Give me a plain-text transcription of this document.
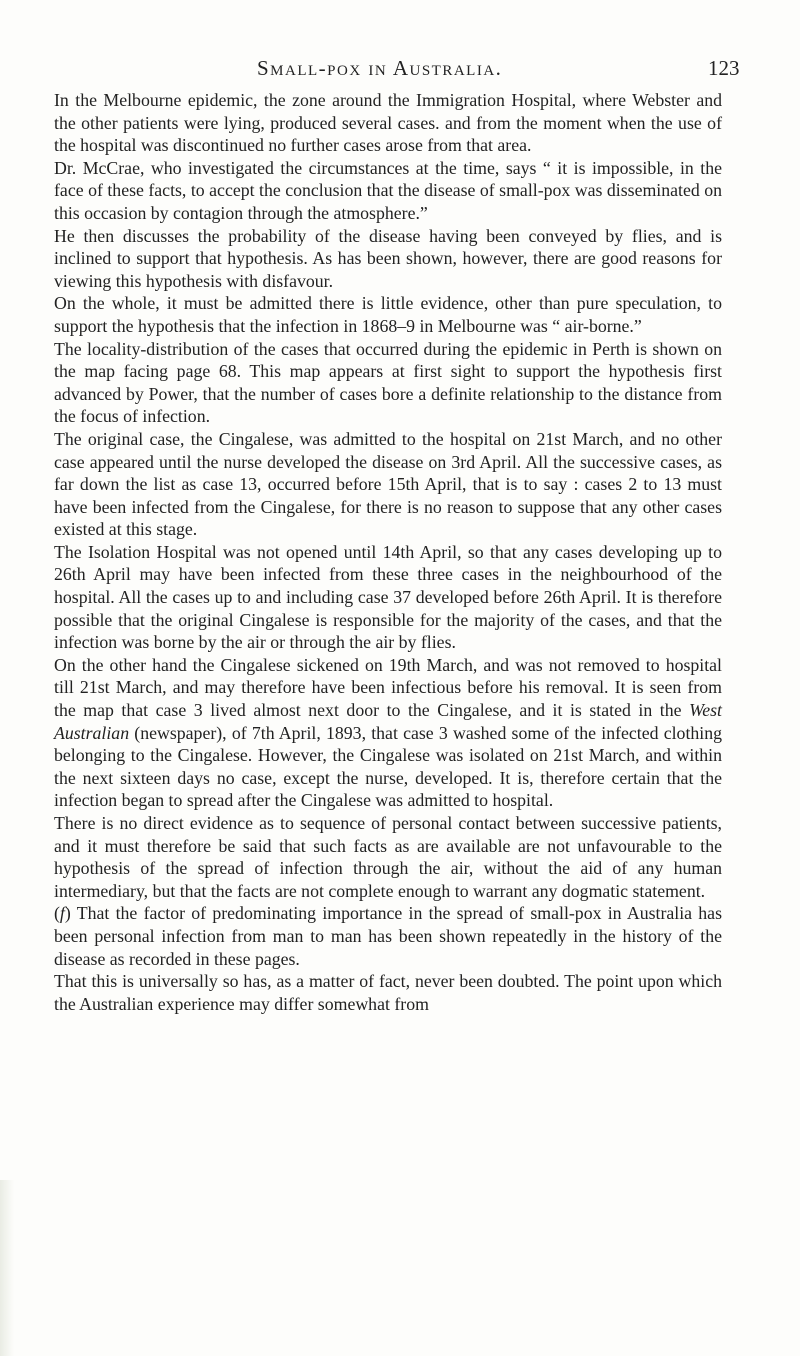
Small-pox in Australia.	123

In the Melbourne epidemic, the zone around the Immigration Hospital, where Webster and the other patients were lying, produced several cases. and from the moment when the use of the hospital was discontinued no further cases arose from that area.

Dr. McCrae, who investigated the circumstances at the time, says “ it is impossible, in the face of these facts, to accept the conclusion that the disease of small-pox was disseminated on this occasion by contagion through the atmosphere.”

He then discusses the probability of the disease having been conveyed by flies, and is inclined to support that hypothesis. As has been shown, however, there are good reasons for viewing this hypothesis with disfavour.

On the whole, it must be admitted there is little evidence, other than pure speculation, to support the hypothesis that the infection in 1868–9 in Melbourne was “ air-borne.”

The locality-distribution of the cases that occurred during the epidemic in Perth is shown on the map facing page 68. This map appears at first sight to support the hypothesis first advanced by Power, that the number of cases bore a definite relationship to the distance from the focus of infection.

The original case, the Cingalese, was admitted to the hospital on 21st March, and no other case appeared until the nurse developed the disease on 3rd April. All the successive cases, as far down the list as case 13, occurred before 15th April, that is to say : cases 2 to 13 must have been infected from the Cingalese, for there is no reason to suppose that any other cases existed at this stage.

The Isolation Hospital was not opened until 14th April, so that any cases developing up to 26th April may have been infected from these three cases in the neighbourhood of the hospital. All the cases up to and including case 37 developed before 26th April. It is therefore possible that the original Cingalese is responsible for the majority of the cases, and that the infection was borne by the air or through the air by flies.

On the other hand the Cingalese sickened on 19th March, and was not removed to hospital till 21st March, and may therefore have been infectious before his removal. It is seen from the map that case 3 lived almost next door to the Cingalese, and it is stated in the West Australian (newspaper), of 7th April, 1893, that case 3 washed some of the infected clothing belonging to the Cingalese. However, the Cingalese was isolated on 21st March, and within the next sixteen days no case, except the nurse, developed. It is, therefore certain that the infection began to spread after the Cingalese was admitted to hospital.

There is no direct evidence as to sequence of personal contact between successive patients, and it must therefore be said that such facts as are available are not unfavourable to the hypothesis of the spread of infection through the air, without the aid of any human intermediary, but that the facts are not complete enough to warrant any dogmatic statement.

(f) That the factor of predominating importance in the spread of small-pox in Australia has been personal infection from man to man has been shown repeatedly in the history of the disease as recorded in these pages.

That this is universally so has, as a matter of fact, never been doubted. The point upon which the Australian experience may differ somewhat from
